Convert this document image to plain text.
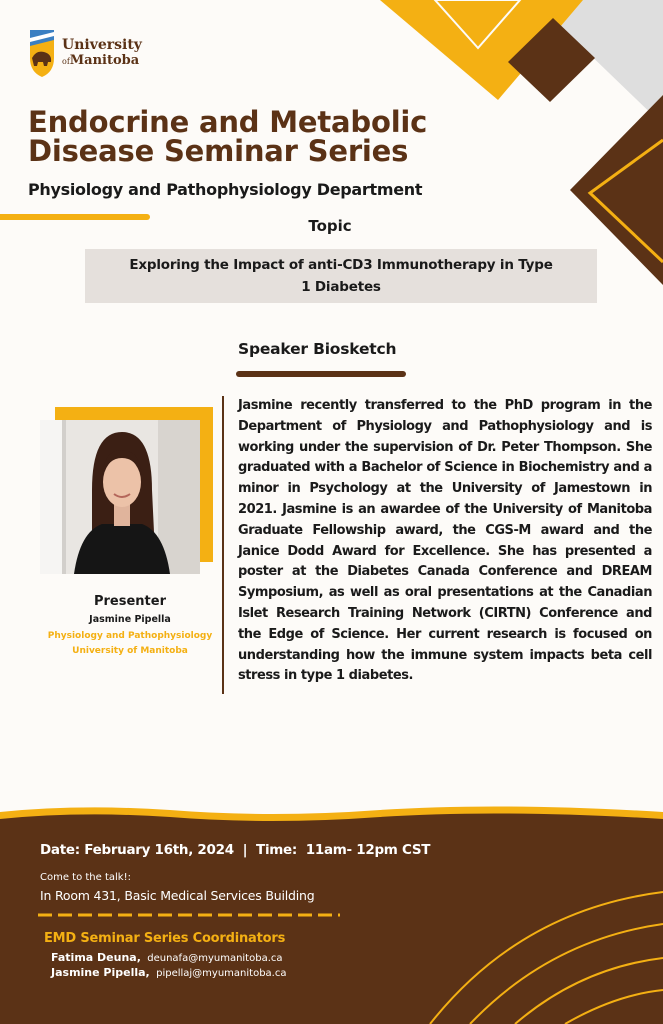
University
ofManitoba
Endocrine and Metabolic
Disease Seminar Series
Physiology and Pathophysiology Department
Topic
Exploring the Impact of anti-CD3 Immunotherapy in Type
1 Diabetes
Speaker Biosketch
Jasmine recently transferred to the PhD program in the Department of Physiology and Pathophysiology and is working under the supervision of Dr. Peter Thompson. She graduated with a Bachelor of Science in Biochemistry and a minor in Psychology at the University of Jamestown in 2021. Jasmine is an awardee of the University of Manitoba Graduate Fellowship award, the CGS-M award and the Janice Dodd Award for Excellence. She has presented a poster at the Diabetes Canada Conference and DREAM Symposium, as well as oral presentations at the Canadian Islet Research Training Network (CIRTN) Conference and the Edge of Science. Her current research is focused on understanding how the immune system impacts beta cell stress in type 1 diabetes.
Presenter
Jasmine Pipella
Physiology and Pathophysiology
University of Manitoba
Date: February 16th, 2024  |  Time:  11am- 12pm CST
Come to the talk!:
In Room 431, Basic Medical Services Building
EMD Seminar Series Coordinators
Fatima Deuna, deunafa@myumanitoba.ca
Jasmine Pipella, pipellaj@myumanitoba.ca
